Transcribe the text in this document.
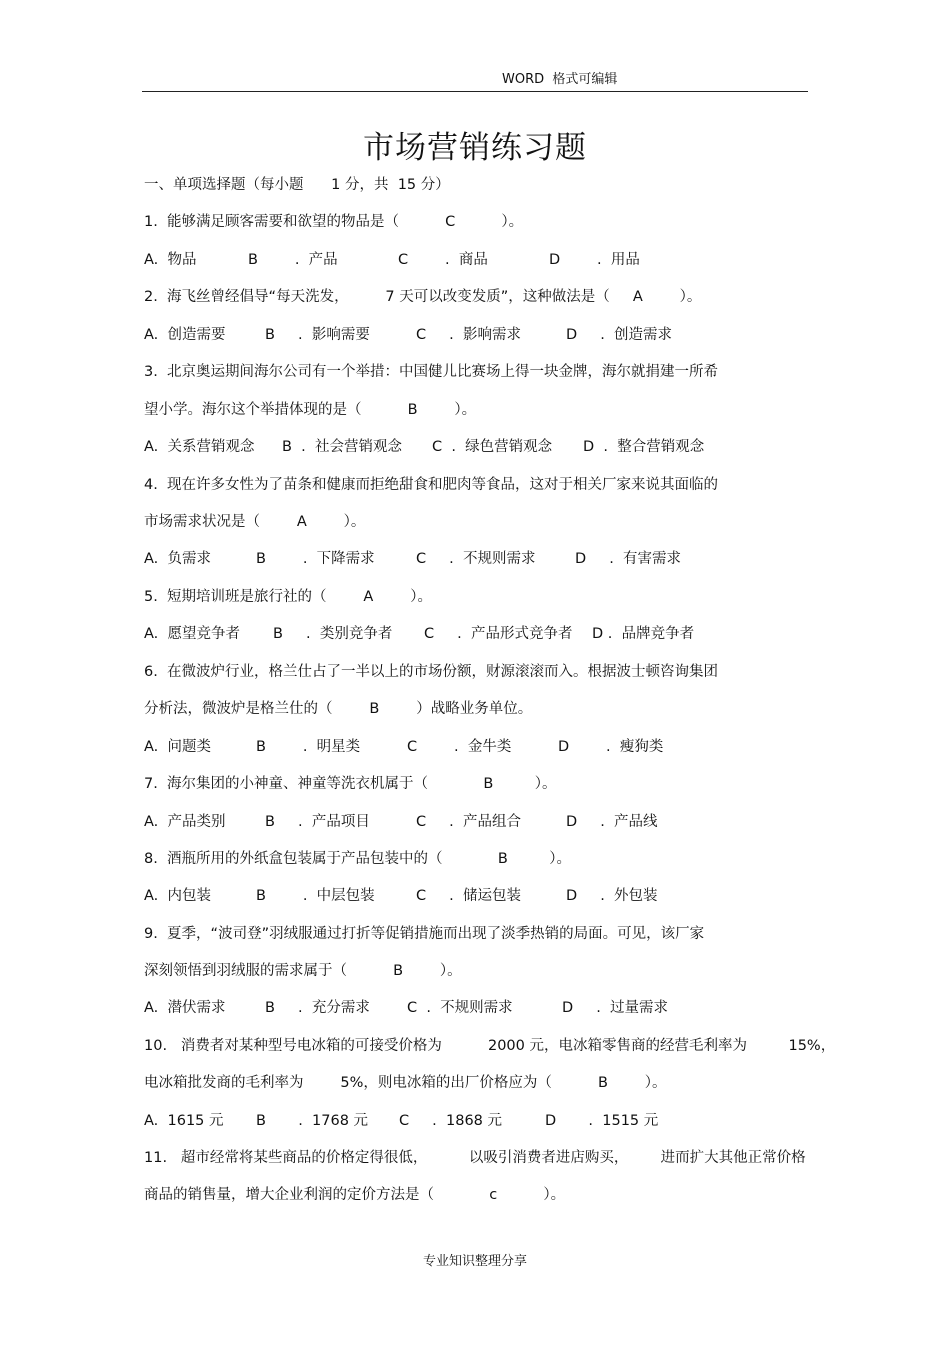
WORD  格式可编辑
市场营销练习题
一、单项选择题（每小题      1 分，共  15 分）
1.  能够满足顾客需要和欲望的物品是（          C          ）。
A.  物品	B        .  产品	C        .  商品	D        .  用品
2.  海飞丝曾经倡导“每天洗发，        7 天可以改变发质”，这种做法是（     A        ）。
A.  创造需要	B     .  影响需要	C     .  影响需求	D     .  创造需求
3.  北京奥运期间海尔公司有一个举措：中国健儿比赛场上得一块金牌，海尔就捐建一所希
望小学。海尔这个举措体现的是（          B        ）。
A.  关系营销观念 B  .  社会营销观念 C  .  绿色营销观念 D  .  整合营销观念
4.  现在许多女性为了苗条和健康而拒绝甜食和肥肉等食品，这对于相关厂家来说其面临的
市场需求状况是（        A        ）。
A.  负需求	B        .  下降需求	C     .  不规则需求	D     .  有害需求
5.  短期培训班是旅行社的（        A        ）。
A.  愿望竞争者 B     .  类别竞争者 C     .  产品形式竞争者 D .  品牌竞争者
6.  在微波炉行业，格兰仕占了一半以上的市场份额，财源滚滚而入。根据波士顿咨询集团
分析法，微波炉是格兰仕的（        B        ）战略业务单位。
A.  问题类	B        .  明星类	C        .  金牛类	D        .  瘦狗类
7.  海尔集团的小神童、神童等洗衣机属于（            B         ）。
A.  产品类别	B     .  产品项目	C     .  产品组合	D     .  产品线
8.  酒瓶所用的外纸盒包装属于产品包装中的（            B         ）。
A.  内包装	B        .  中层包装	C     .  储运包装	D     .  外包装
9.  夏季，“波司登”羽绒服通过打折等促销措施而出现了淡季热销的局面。可见，该厂家
深刻领悟到羽绒服的需求属于（          B        ）。
A.  潜伏需求	B     .  充分需求	C  .  不规则需求	D     .  过量需求
10.   消费者对某种型号电冰箱的可接受价格为          2000 元，电冰箱零售商的经营毛利率为         15%，
电冰箱批发商的毛利率为        5%，则电冰箱的出厂价格应为（          B        ）。
A.  1615 元 B       .  1768 元 C     .  1868 元	D       .  1515 元
11.   超市经常将某些商品的价格定得很低，         以吸引消费者进店购买，       进而扩大其他正常价格
商品的销售量，增大企业利润的定价方法是（            c          ）。
专业知识整理分享
